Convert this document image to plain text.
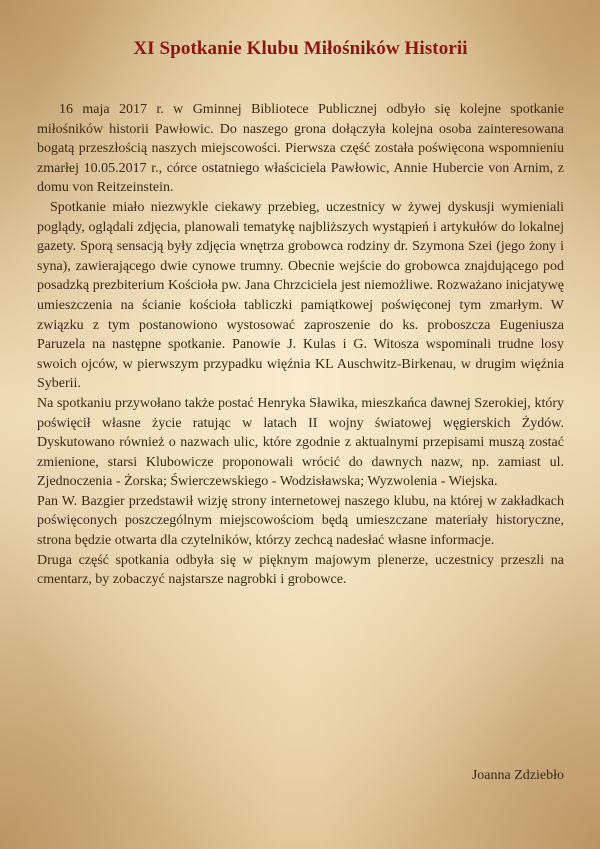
XI Spotkanie Klubu Miłośników Historii

16 maja 2017 r. w Gminnej Bibliotece Publicznej odbyło się kolejne spotkanie miłośników historii Pawłowic. Do naszego grona dołączyła kolejna osoba zainteresowana bogatą przeszłością naszych miejscowości. Pierwsza część została poświęcona wspomnieniu zmarłej 10.05.2017 r., córce ostatniego właściciela Pawłowic, Annie Hubercie von Arnim, z domu von Reitzeinstein.

Spotkanie miało niezwykle ciekawy przebieg, uczestnicy w żywej dyskusji wymieniali poglądy, oglądali zdjęcia, planowali tematykę najbliższych wystąpień i artykułów do lokalnej gazety. Sporą sensacją były zdjęcia wnętrza grobowca rodziny dr. Szymona Szei (jego żony i syna), zawierającego dwie cynowe trumny. Obecnie wejście do grobowca znajdującego pod posadzką prezbiterium Kościoła pw. Jana Chrzciciela jest niemożliwe. Rozważano inicjatywę umieszczenia na ścianie kościoła tabliczki pamiątkowej poświęconej tym zmarłym. W związku z tym postanowiono wystosować zaproszenie do ks. proboszcza Eugeniusza Paruzela na następne spotkanie. Panowie J. Kulas i G. Witosza wspominali trudne losy swoich ojców, w pierwszym przypadku więźnia KL Auschwitz-Birkenau, w drugim więźnia Syberii.

Na spotkaniu przywołano także postać Henryka Sławika, mieszkańca dawnej Szerokiej, który poświęcił własne życie ratując w latach II wojny światowej węgierskich Żydów. Dyskutowano również o nazwach ulic, które zgodnie z aktualnymi przepisami muszą zostać zmienione, starsi Klubowicze proponowali wrócić do dawnych nazw, np. zamiast ul. Zjednoczenia - Żorska; Świerczewskiego - Wodzisławska; Wyzwolenia - Wiejska.

Pan W. Bazgier przedstawił wizję strony internetowej naszego klubu, na której w zakładkach poświęconych poszczególnym miejscowościom będą umieszczane materiały historyczne, strona będzie otwarta dla czytelników, którzy zechcą nadesłać własne informacje.

Druga część spotkania odbyła się w pięknym majowym plenerze, uczestnicy przeszli na cmentarz, by zobaczyć najstarsze nagrobki i grobowce.

Joanna Zdziebło
